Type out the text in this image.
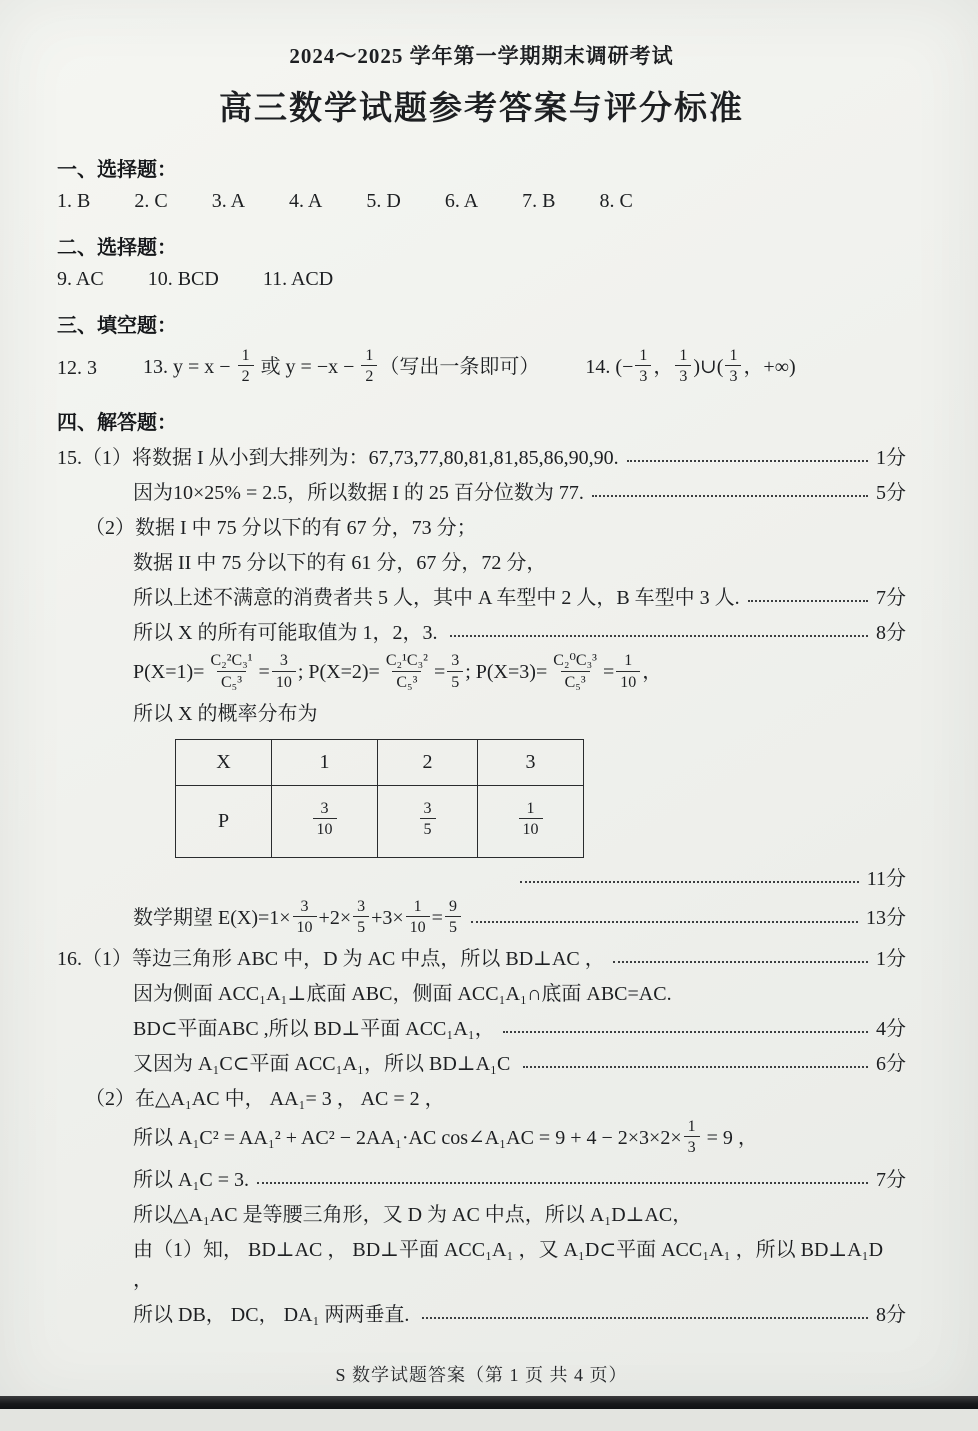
2024～2025 学年第一学期期末调研考试
高三数学试题参考答案与评分标准
一、选择题：
1. B 2. C 3. A 4. A 5. D 6. A 7. B 8. C
二、选择题：
9. AC 10. BCD 11. ACD
三、填空题：
12. 3 13. $y = x - \frac{1}{2}$ 或 $y = -x - \frac{1}{2}$ （写出一条即可） 14. (− $\frac{1}{3}$ ， $\frac{1}{3}$ )∪( $\frac{1}{3}$ ，+∞)
四、解答题：
15.（1）将数据 I 从小到大排列为：67,73,77,80,81,81,85,86,90,90.	1分
因为10×25% = 2.5，所以数据 I 的 25 百分位数为 77.	5分
（2）数据 I 中 75 分以下的有 67 分，73 分；
数据 II 中 75 分以下的有 61 分，67 分，72 分，
所以上述不满意的消费者共 5 人，其中 A 车型中 2 人，B 车型中 3 人.	7分
所以 X 的所有可能取值为 1，2，3.	8分
$P(X=1)= \frac{\text{C₂²C₃¹}}{\text{C₅³}} = \frac{3}{10}$ ; $P(X=2)= \frac{\text{C₂¹C₃²}}{\text{C₅³}} = \frac{3}{5}$ ; $P(X=3)= \frac{\text{C₂⁰C₃³}}{\text{C₅³}} = \frac{1}{10}$ ，
所以 X 的概率分布为
X	1	2	3
P	$\frac{3}{10}$	$\frac{3}{5}$	$\frac{1}{10}$
11分
数学期望 $E(X)=1\times \frac{3}{10} +2\times \frac{3}{5} +3\times \frac{1}{10} = \frac{9}{5}$	13分
16.（1）等边三角形 ABC 中，D 为 AC 中点，所以 BD⊥AC ，	1分
因为侧面 ACC₁A₁⊥底面 ABC，侧面 ACC₁A₁∩底面 ABC=AC.
BD⊂平面ABC ,所以 BD⊥平面 ACC₁A₁，	4分
又因为 A₁C⊂平面 ACC₁A₁，所以 BD⊥A₁C	6分
（2）在△A₁AC 中， AA₁= 3 ， AC = 2 ，
所以 A₁C² = AA₁² + AC² − 2AA₁·AC cos∠A₁AC = $9 + 4 - 2\times 3\times 2\times \frac{1}{3} = 9$ ，
所以 A₁C = 3.	7分
所以△A₁AC 是等腰三角形，又 D 为 AC 中点，所以 A₁D⊥AC，
由（1）知， BD⊥AC ， BD⊥平面 ACC₁A₁ ，又 A₁D⊂平面 ACC₁A₁ ，所以 BD⊥A₁D ，
所以 DB， DC， DA₁ 两两垂直.	8分
S 数学试题答案（第 1 页 共 4 页）
